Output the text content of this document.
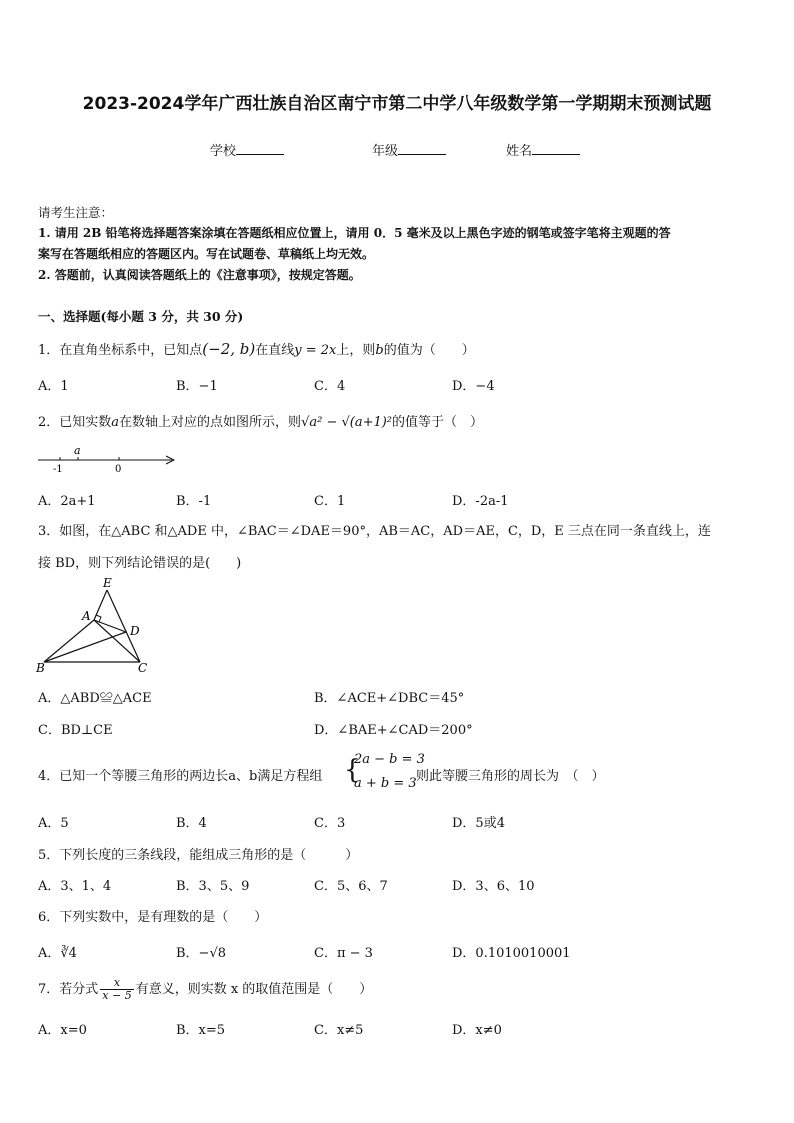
2023-2024学年广西壮族自治区南宁市第二中学八年级数学第一学期期末预测试题
学校	年级	姓名
请考生注意：
1. 请用 2B 铅笔将选择题答案涂填在答题纸相应位置上，请用 0．5 毫米及以上黑色字迹的钢笔或签字笔将主观题的答
案写在答题纸相应的答题区内。写在试题卷、草稿纸上均无效。
2. 答题前，认真阅读答题纸上的《注意事项》，按规定答题。
一、选择题(每小题 3 分，共 30 分)
1．在直角坐标系中，已知点(−2, b)在直线y = 2x上，则b的值为（　　）
A．1	B．−1	C．4	D．−4
2．已知实数a在数轴上对应的点如图所示，则√a² − √(a+1)²的值等于（　）
a
-1	0
A．2a+1	B．-1	C．1	D．-2a-1
3．如图，在△ABC 和△ADE 中，∠BAC＝∠DAE＝90°，AB＝AC，AD＝AE，C，D，E 三点在同一条直线上，连
接 BD，则下列结论错误的是(　　)
E
A
D
B	C
A．△ABD≌△ACE	B．∠ACE+∠DBC＝45°
C．BD⊥CE	D．∠BAE+∠CAD＝200°
4．已知一个等腰三角形的两边长a、b满足方程组 {
2a − b = 3
a + b = 3 则此等腰三角形的周长为　（　）
A．5	B．4	C．3	D．5或4
5．下列长度的三条线段，能组成三角形的是（　　　）
A．3、1、4	B．3、5、9	C．5、6、7	D．3、6、10
6．下列实数中，是有理数的是（　　）
A．∛4	B．−√8	C．π − 3	D．0.1010010001
7．若分式 $\frac{x}{x - 5}$ 有意义，则实数 x 的取值范围是（　　）
A．x=0	B．x=5	C．x≠5	D．x≠0
